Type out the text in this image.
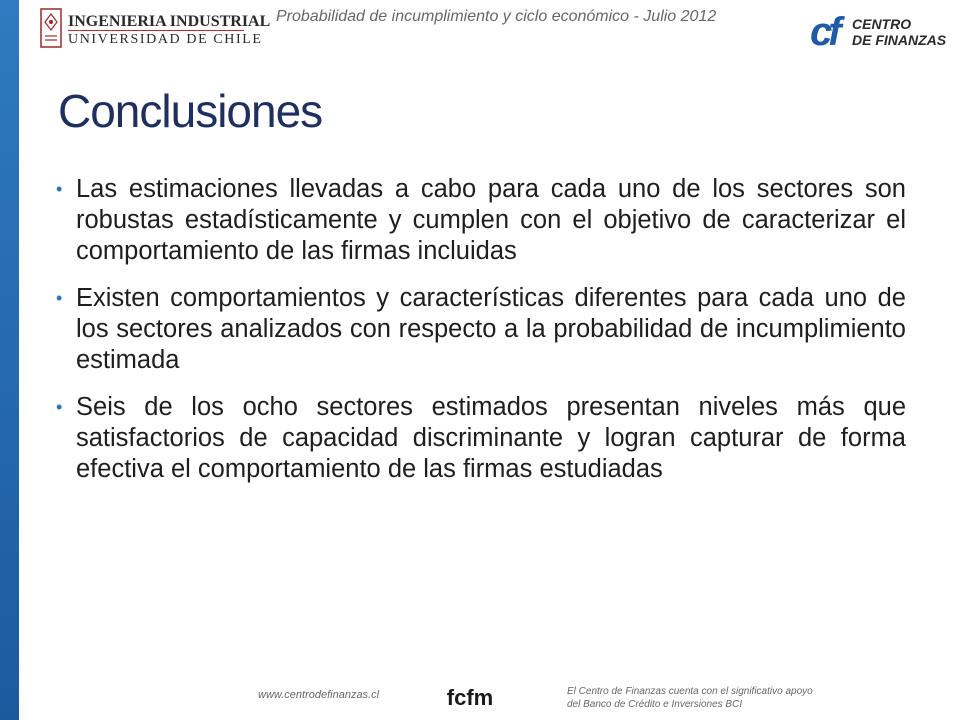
INGENIERIA INDUSTRIAL
UNIVERSIDAD DE CHILE
Probabilidad de incumplimiento y ciclo económico - Julio 2012	cf CENTRO
DE FINANZAS
Conclusiones
• Las estimaciones llevadas a cabo para cada uno de los sectores son robustas estadísticamente y cumplen con el objetivo de caracterizar el comportamiento de las firmas incluidas
• Existen comportamientos y características diferentes para cada uno de los sectores analizados con respecto a la probabilidad de incumplimiento estimada
• Seis de los ocho sectores estimados presentan niveles más que satisfactorios de capacidad discriminante y logran capturar de forma efectiva el comportamiento de las firmas estudiadas
www.centrodefinanzas.cl	fcfm	El Centro de Finanzas cuenta con el significativo apoyo del Banco de Crédito e Inversiones BCI
